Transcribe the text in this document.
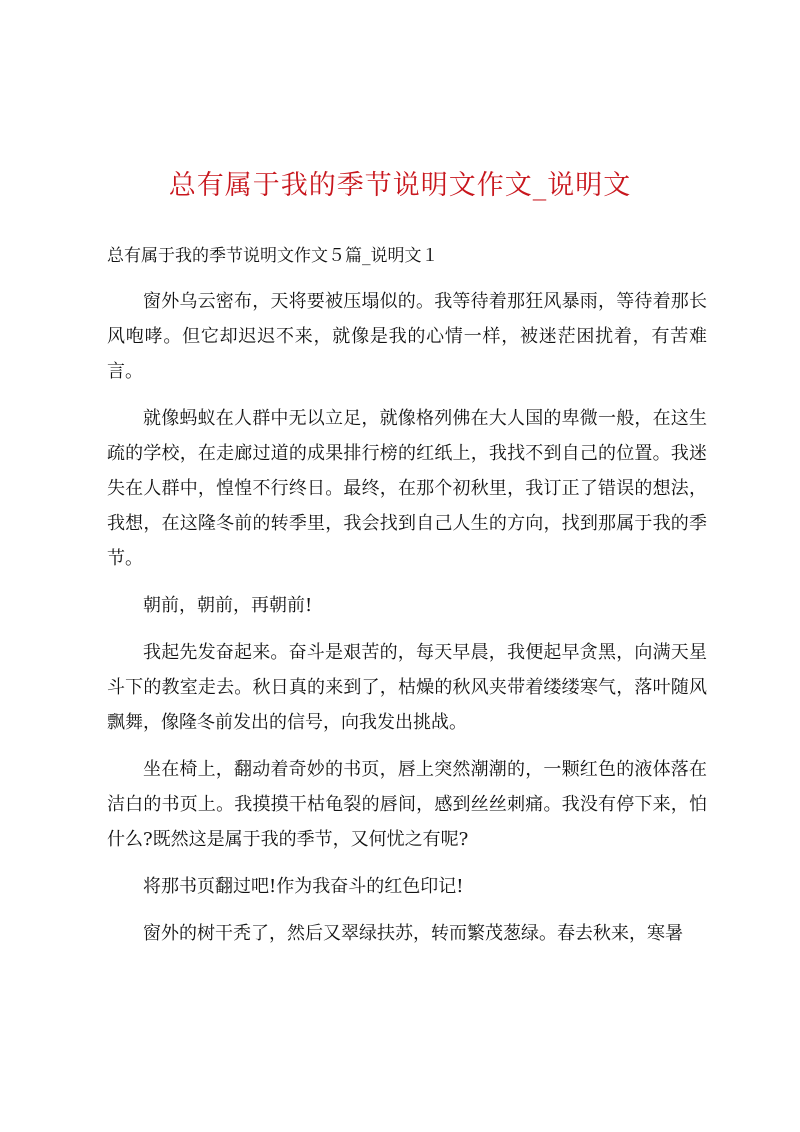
总有属于我的季节说明文作文_说明文

总有属于我的季节说明文作文５篇_说明文１

窗外乌云密布，天将要被压塌似的。我等待着那狂风暴雨，等待着那长风咆哮。但它却迟迟不来，就像是我的心情一样，被迷茫困扰着，有苦难言。

就像蚂蚁在人群中无以立足，就像格列佛在大人国的卑微一般，在这生疏的学校，在走廊过道的成果排行榜的红纸上，我找不到自己的位置。我迷失在人群中，惶惶不行终日。最终，在那个初秋里，我订正了错误的想法，我想，在这隆冬前的转季里，我会找到自己人生的方向，找到那属于我的季节。

朝前，朝前，再朝前!

我起先发奋起来。奋斗是艰苦的，每天早晨，我便起早贪黑，向满天星斗下的教室走去。秋日真的来到了，枯燥的秋风夹带着缕缕寒气，落叶随风飘舞，像隆冬前发出的信号，向我发出挑战。

坐在椅上，翻动着奇妙的书页，唇上突然潮潮的，一颗红色的液体落在洁白的书页上。我摸摸干枯龟裂的唇间，感到丝丝刺痛。我没有停下来，怕什么?既然这是属于我的季节，又何忧之有呢?

将那书页翻过吧!作为我奋斗的红色印记!

窗外的树干秃了，然后又翠绿扶苏，转而繁茂葱绿。春去秋来，寒暑
